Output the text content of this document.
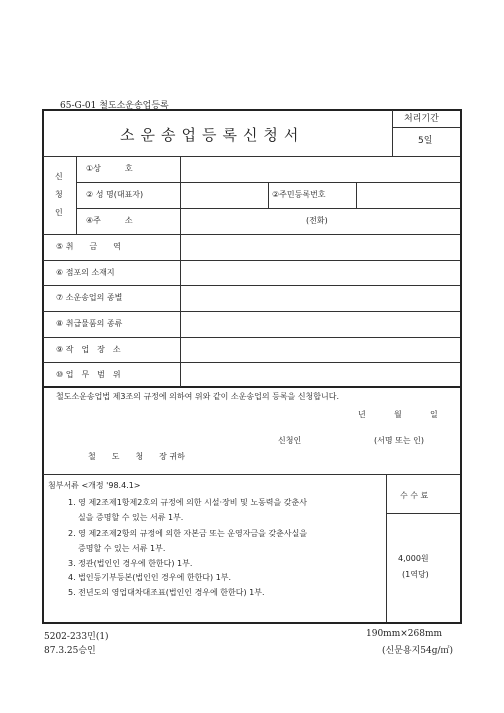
65-G-01 철도소운송업등록
소운송업등록신청서
처리기간
5일
신
청
인
①상　　　호
② 성 명(대표자)	②주민등록번호
④주　　　소	(전화)
⑤ 취　　금　　역
⑥ 점포의 소재지
⑦ 소운송업의 종별
⑧ 취급물품의 종류
⑨ 작　업　장　소
⑩ 업　무　범　위
철도소운송업법 제3조의 규정에 의하여 위와 같이 소운송업의 등록을 신청합니다.
년	월	일
신청인	(서명 또는 인)
철　　도　　청　　장 귀하
첨부서류 <개정 '98.4.1>
1. 영 제2조제1항제2호의 규정에 의한 시설·장비 및 노동력을 갖춘사
실을 증명할 수 있는 서류 1부.
2. 영 제2조제2항의 규정에 의한 자본금 또는 운영자금을 갖춘사실을
증명할 수 있는 서류 1부.
3. 정관(법인인 경우에 한한다) 1부.
4. 법인등기부등본(법인인 경우에 한한다) 1부.
5. 전년도의 영업대차대조표(법인인 경우에 한한다) 1부.
수 수 료
4,000원
(1역당)
5202-233민(1)
87.3.25승인
190mm×268mm
(신문용지54g/㎡)
